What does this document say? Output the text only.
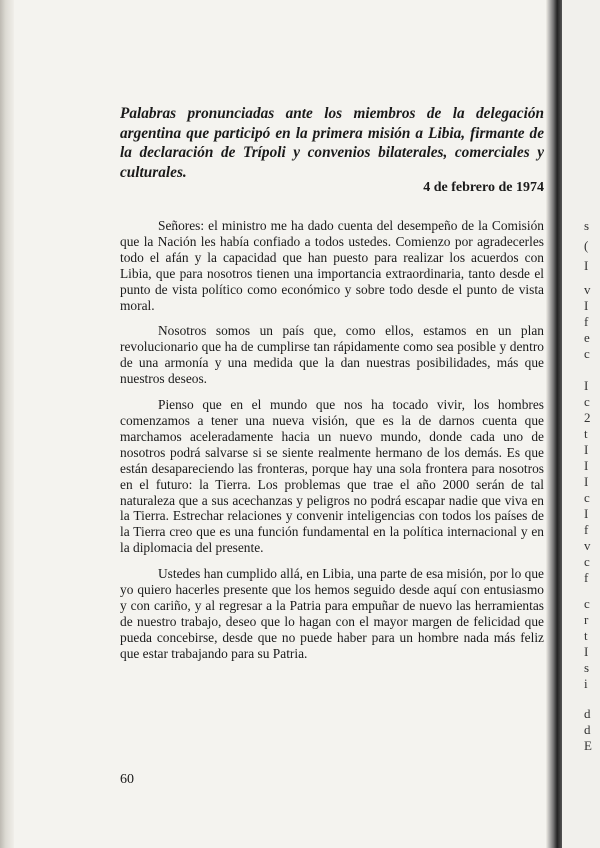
s
(
I
v
I
f
e
c
I
c
2
t
I
I
I
c
I
f
v
c
f
c
r
t
I
s
i
d
d
E
Palabras pronunciadas ante los miembros de la delegación argentina que participó en la primera misión a Libia, firmante de la declaración de Trípoli y convenios bilaterales, comerciales y culturales.
4 de febrero de 1974

Señores: el ministro me ha dado cuenta del desempeño de la Comisión que la Nación les había confiado a todos ustedes. Comienzo por agradecerles todo el afán y la capacidad que han puesto para realizar los acuerdos con Libia, que para nosotros tienen una importancia extraordinaria, tanto desde el punto de vista político como económico y sobre todo desde el punto de vista moral.

Nosotros somos un país que, como ellos, estamos en un plan revolucionario que ha de cumplirse tan rápidamente como sea posible y dentro de una armonía y una medida que la dan nuestras posibilidades, más que nuestros deseos.

Pienso que en el mundo que nos ha tocado vivir, los hombres comenzamos a tener una nueva visión, que es la de darnos cuenta que marchamos aceleradamente hacia un nuevo mundo, donde cada uno de nosotros podrá salvarse si se siente realmente hermano de los demás. Es que están desapareciendo las fronteras, porque hay una sola frontera para nosotros en el futuro: la Tierra. Los problemas que trae el año 2000 serán de tal naturaleza que a sus acechanzas y peligros no podrá escapar nadie que viva en la Tierra. Estrechar relaciones y convenir inteligencias con todos los países de la Tierra creo que es una función fundamental en la política internacional y en la diplomacia del presente.

Ustedes han cumplido allá, en Libia, una parte de esa misión, por lo que yo quiero hacerles presente que los hemos seguido desde aquí con entusiasmo y con cariño, y al regresar a la Patria para empuñar de nuevo las herramientas de nuestro trabajo, deseo que lo hagan con el mayor margen de felicidad que pueda concebirse, desde que no puede haber para un hombre nada más feliz que estar trabajando para su Patria.

60
